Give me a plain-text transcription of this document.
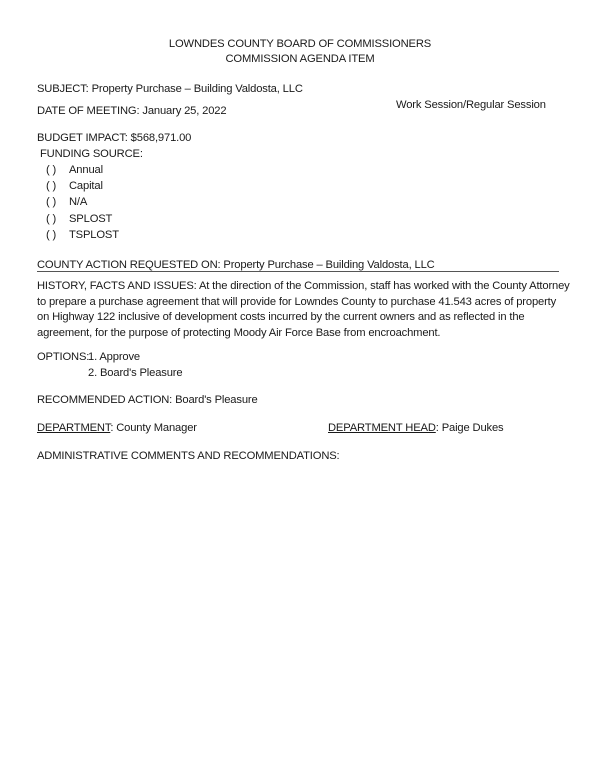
LOWNDES COUNTY BOARD OF COMMISSIONERS
COMMISSION AGENDA ITEM
SUBJECT: Property Purchase – Building Valdosta, LLC
DATE OF MEETING: January 25, 2022	Work Session/Regular Session
BUDGET IMPACT: $568,971.00
FUNDING SOURCE:
( ) Annual
( ) Capital
( ) N/A
( ) SPLOST
( ) TSPLOST
COUNTY ACTION REQUESTED ON: Property Purchase – Building Valdosta, LLC
HISTORY, FACTS AND ISSUES: At the direction of the Commission, staff has worked with the County Attorney
to prepare a purchase agreement that will provide for Lowndes County to purchase 41.543 acres of property
on Highway 122 inclusive of development costs incurred by the current owners and as reflected in the
agreement, for the purpose of protecting Moody Air Force Base from encroachment.
OPTIONS:
1. Approve
2. Board's Pleasure
RECOMMENDED ACTION: Board's Pleasure
DEPARTMENT: County Manager	DEPARTMENT HEAD: Paige Dukes
ADMINISTRATIVE COMMENTS AND RECOMMENDATIONS:
